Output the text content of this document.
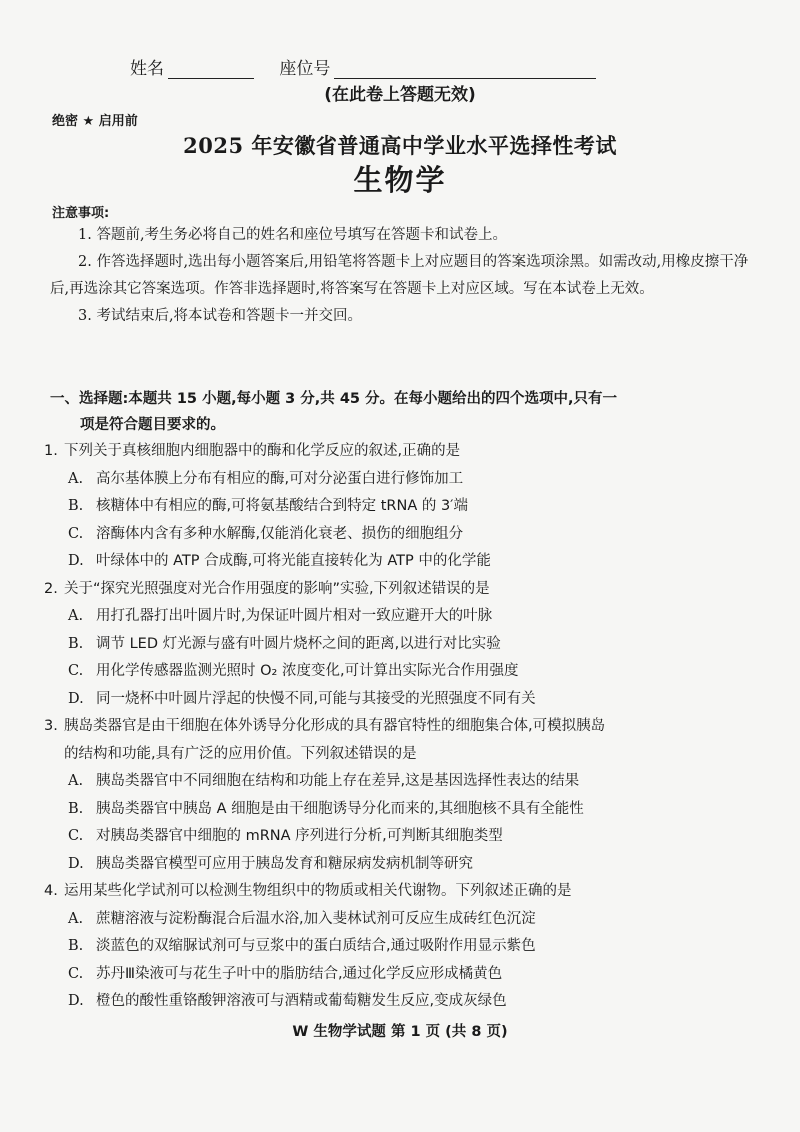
姓名	座位号
(在此卷上答题无效)
绝密 ★ 启用前
2025 年安徽省普通高中学业水平选择性考试
生物学
注意事项:

1. 答题前,考生务必将自己的姓名和座位号填写在答题卡和试卷上。

2. 作答选择题时,选出每小题答案后,用铅笔将答题卡上对应题目的答案选项涂黑。如需改动,用橡皮擦干净后,再选涂其它答案选项。作答非选择题时,将答案写在答题卡上对应区域。写在本试卷上无效。

3. 考试结束后,将本试卷和答题卡一并交回。

一、选择题:本题共 15 小题,每小题 3 分,共 45 分。在每小题给出的四个选项中,只有一
项是符合题目要求的。
1. 下列关于真核细胞内细胞器中的酶和化学反应的叙述,正确的是
A. 高尔基体膜上分布有相应的酶,可对分泌蛋白进行修饰加工
B. 核糖体中有相应的酶,可将氨基酸结合到特定 tRNA 的 3′端
C. 溶酶体内含有多种水解酶,仅能消化衰老、损伤的细胞组分
D. 叶绿体中的 ATP 合成酶,可将光能直接转化为 ATP 中的化学能
2. 关于“探究光照强度对光合作用强度的影响”实验,下列叙述错误的是
A. 用打孔器打出叶圆片时,为保证叶圆片相对一致应避开大的叶脉
B. 调节 LED 灯光源与盛有叶圆片烧杯之间的距离,以进行对比实验
C. 用化学传感器监测光照时 O₂ 浓度变化,可计算出实际光合作用强度
D. 同一烧杯中叶圆片浮起的快慢不同,可能与其接受的光照强度不同有关
3. 胰岛类器官是由干细胞在体外诱导分化形成的具有器官特性的细胞集合体,可模拟胰岛
的结构和功能,具有广泛的应用价值。下列叙述错误的是
A. 胰岛类器官中不同细胞在结构和功能上存在差异,这是基因选择性表达的结果
B. 胰岛类器官中胰岛 A 细胞是由干细胞诱导分化而来的,其细胞核不具有全能性
C. 对胰岛类器官中细胞的 mRNA 序列进行分析,可判断其细胞类型
D. 胰岛类器官模型可应用于胰岛发育和糖尿病发病机制等研究
4. 运用某些化学试剂可以检测生物组织中的物质或相关代谢物。下列叙述正确的是
A. 蔗糖溶液与淀粉酶混合后温水浴,加入斐林试剂可反应生成砖红色沉淀
B. 淡蓝色的双缩脲试剂可与豆浆中的蛋白质结合,通过吸附作用显示紫色
C. 苏丹Ⅲ染液可与花生子叶中的脂肪结合,通过化学反应形成橘黄色
D. 橙色的酸性重铬酸钾溶液可与酒精或葡萄糖发生反应,变成灰绿色
W 生物学试题 第 1 页 (共 8 页)
